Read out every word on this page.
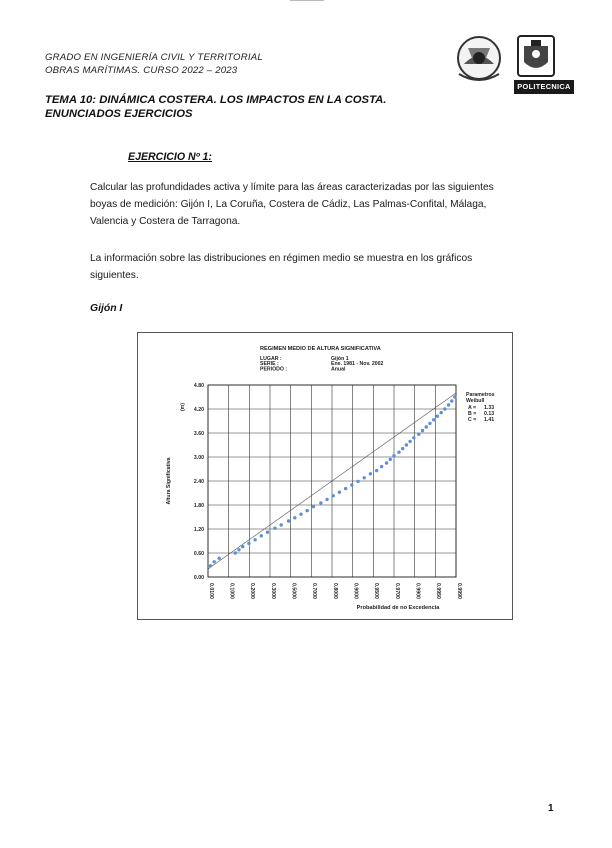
GRADO EN INGENIERÍA CIVIL Y TERRITORIAL
OBRAS MARÍTIMAS. CURSO 2022 – 2023
POLITECNICA
TEMA 10: DINÁMICA COSTERA. LOS IMPACTOS EN LA COSTA.
ENUNCIADOS EJERCICIOS
EJERCICIO Nº 1:
Calcular las profundidades activa y límite para las áreas caracterizadas por las siguientes
boyas de medición: Gijón I, La Coruña, Costera de Cádiz, Las Palmas-Confital, Málaga,
Valencia y Costera de Tarragona.
La información sobre las distribuciones en régimen medio se muestra en los gráficos
siguientes.
Gijón I
0.00
0.60
1.20
1.80
2.40
3.00
3.60
4.20
4.80
0.0100	0.1000	0.2000	0.3000	0.5000	0.7000	0.8000	0.9000	0.9500	0.9700	0.9900	0.9950	0.9990
REGIMEN MEDIO DE ALTURA SIGNIFICATIVA
LUGAR :	Gijón 1
SERIE :	Ene. 1981 - Nov. 2002
PERIODO :	Anual
Altura Significativa
(m)
Probabilidad de no Excedencia
Parametros
Weibull
A = 1.33
B = 0.13
C = 1.41
1
